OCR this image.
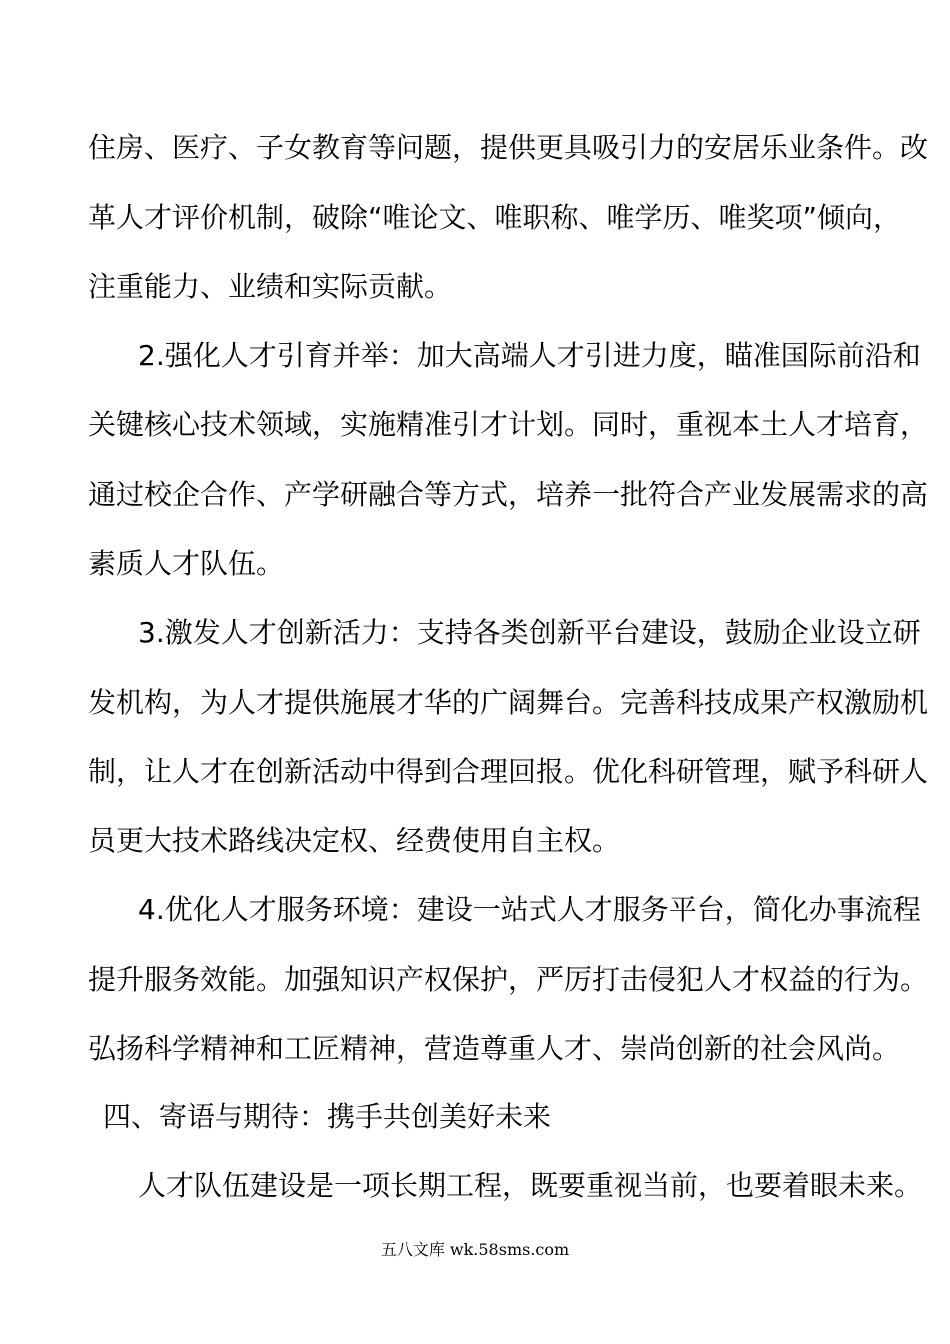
住房、医疗、子女教育等问题，提供更具吸引力的安居乐业条件。改
革人才评价机制，破除“唯论文、唯职称、唯学历、唯奖项”倾向，
注重能力、业绩和实际贡献。
2.强化人才引育并举：加大高端人才引进力度，瞄准国际前沿和
关键核心技术领域，实施精准引才计划。同时，重视本土人才培育，
通过校企合作、产学研融合等方式，培养一批符合产业发展需求的高
素质人才队伍。
3.激发人才创新活力：支持各类创新平台建设，鼓励企业设立研
发机构，为人才提供施展才华的广阔舞台。完善科技成果产权激励机
制，让人才在创新活动中得到合理回报。优化科研管理，赋予科研人
员更大技术路线决定权、经费使用自主权。
4.优化人才服务环境：建设一站式人才服务平台，简化办事流程
提升服务效能。加强知识产权保护，严厉打击侵犯人才权益的行为。
弘扬科学精神和工匠精神，营造尊重人才、崇尚创新的社会风尚。
四、寄语与期待：携手共创美好未来
人才队伍建设是一项长期工程，既要重视当前，也要着眼未来。
五八文库 wk.58sms.com
